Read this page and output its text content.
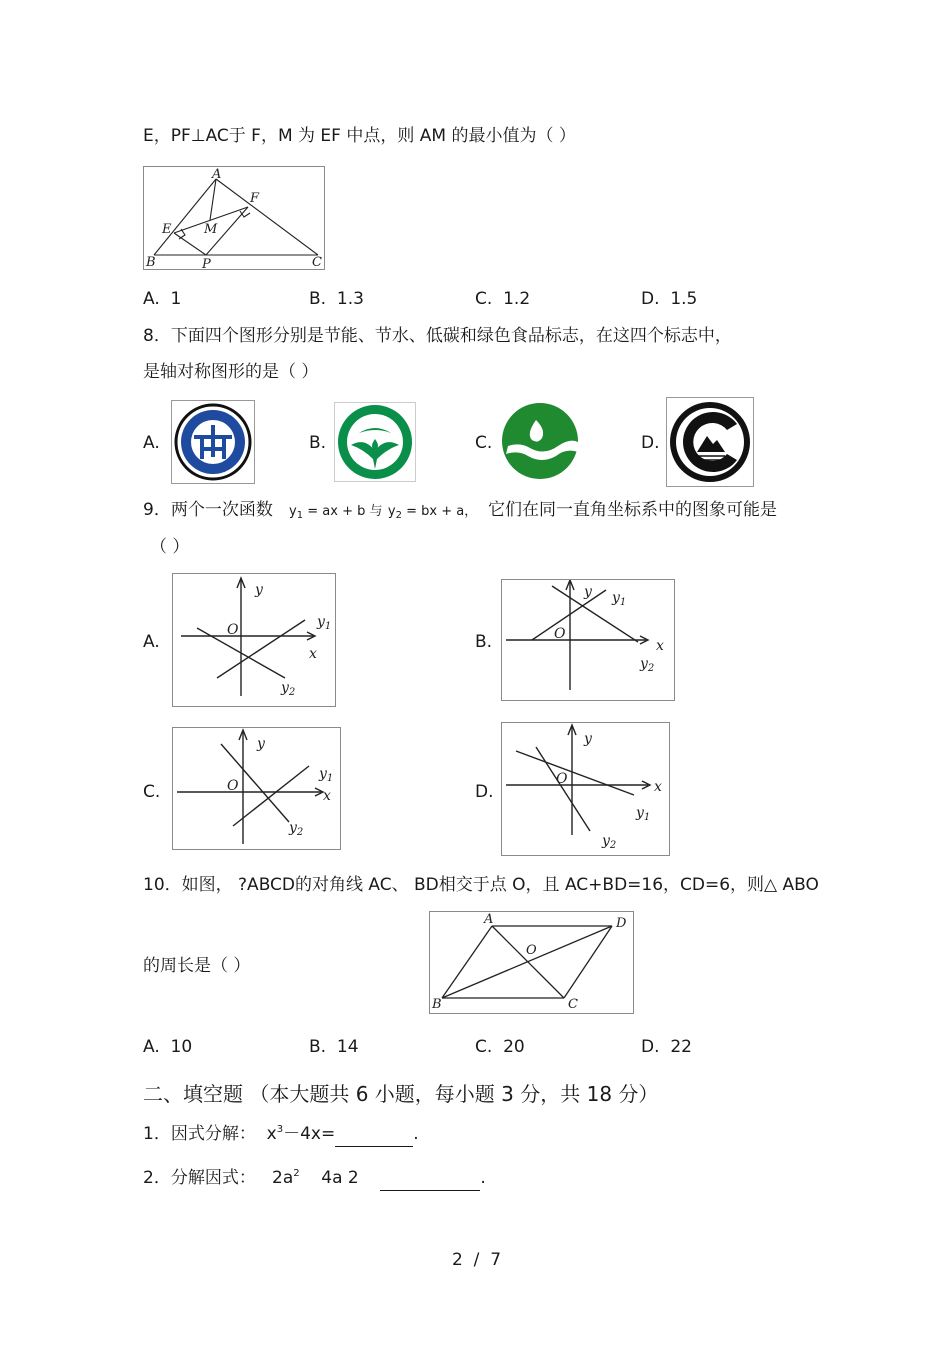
E，PF⊥AC于 F，M 为 EF 中点，则 AM 的最小值为（ ）
A
F
E	M
B	P	C
A. 1	B. 1.3	C. 1.2	D. 1.5
8．下面四个图形分别是节能、节水、低碳和绿色食品标志，在这四个标志中，
是轴对称图形的是（ ）
A.	B.	C.	D.
9．两个一次函数 $y_1$ = ax + b 与 $y_2$ = bx + a， 它们在同一直角坐标系中的图象可能是
（ ）
A.
y
O
x
$y_1$
$y_2$
B.
y
O
x
$y_1$
$y_2$
C.
y
O
x
$y_1$
$y_2$
D.
y
O	x
$y_1$
$y_2$
10．如图， ?ABCD的对角线 AC、 BD相交于点 O，且 AC+BD=16，CD=6，则△ ABO
的周长是（ ）
A	D
O
B	C
A. 10	B. 14	C. 20	D. 22
二、填空题 （本大题共 6 小题，每小题 3 分，共 18 分）
1．因式分解： $x^3-4x=$	.
2．分解因式： $2a^2$ 4a 2	.
2 / 7
